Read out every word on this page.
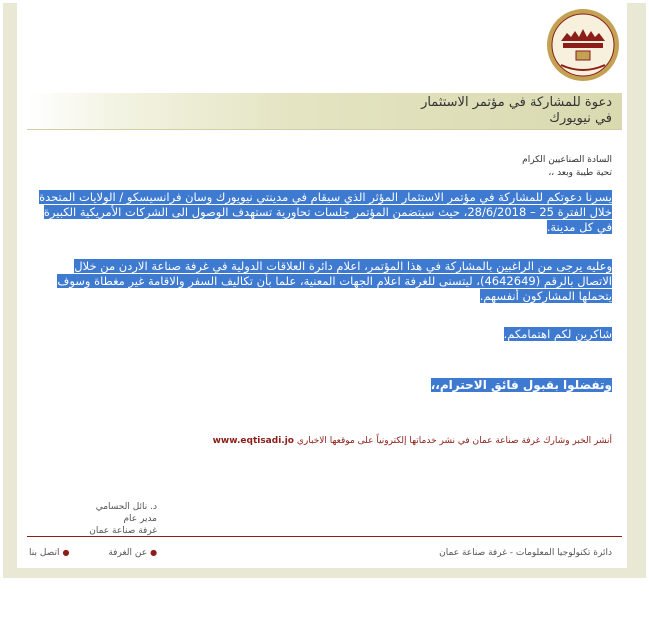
دعوة للمشاركة في مؤتمر الاستثمار
في نيويورك
السادة الصناعيين الكرام
تحية طيبة وبعد ،،
يسرنا دعوتكم للمشاركة في مؤتمر الاستثمار المؤثر الذي سيقام في مدينتي نيويورك وسان فرانسيسكو / الولايات المتحدة خلال الفترة 25 – 28/6/2018، حيث سيتضمن المؤتمر جلسات تحاورية تستهدف الوصول الى الشركات الأمريكية الكبيرة في كل مدينة.
وعليه يرجى من الراغبين بالمشاركة في هذا المؤتمر، اعلام دائرة العلاقات الدولية في غرفة صناعة الاردن من خلال الاتصال بالرقم (4642649)، ليتسنى للغرفة اعلام الجهات المعنية، علما بأن تكاليف السفر والاقامة غير مغطاة وسوف يتحملها المشاركون أنفسهم.
شاكرين لكم اهتمامكم.
وتفضلوا بقبول فائق الاحترام،،
أنشر الخبر وشارك غرفة صناعة عمان في نشر خدماتها إلكترونياً على موقعها الاخباري www.eqtisadi.jo
د. نائل الحسامي
مدير عام
غرفة صناعة عمان
●عن الغرفة ●اتصل بنا	دائرة تكنولوجيا المعلومات - غرفة صناعة عمان
